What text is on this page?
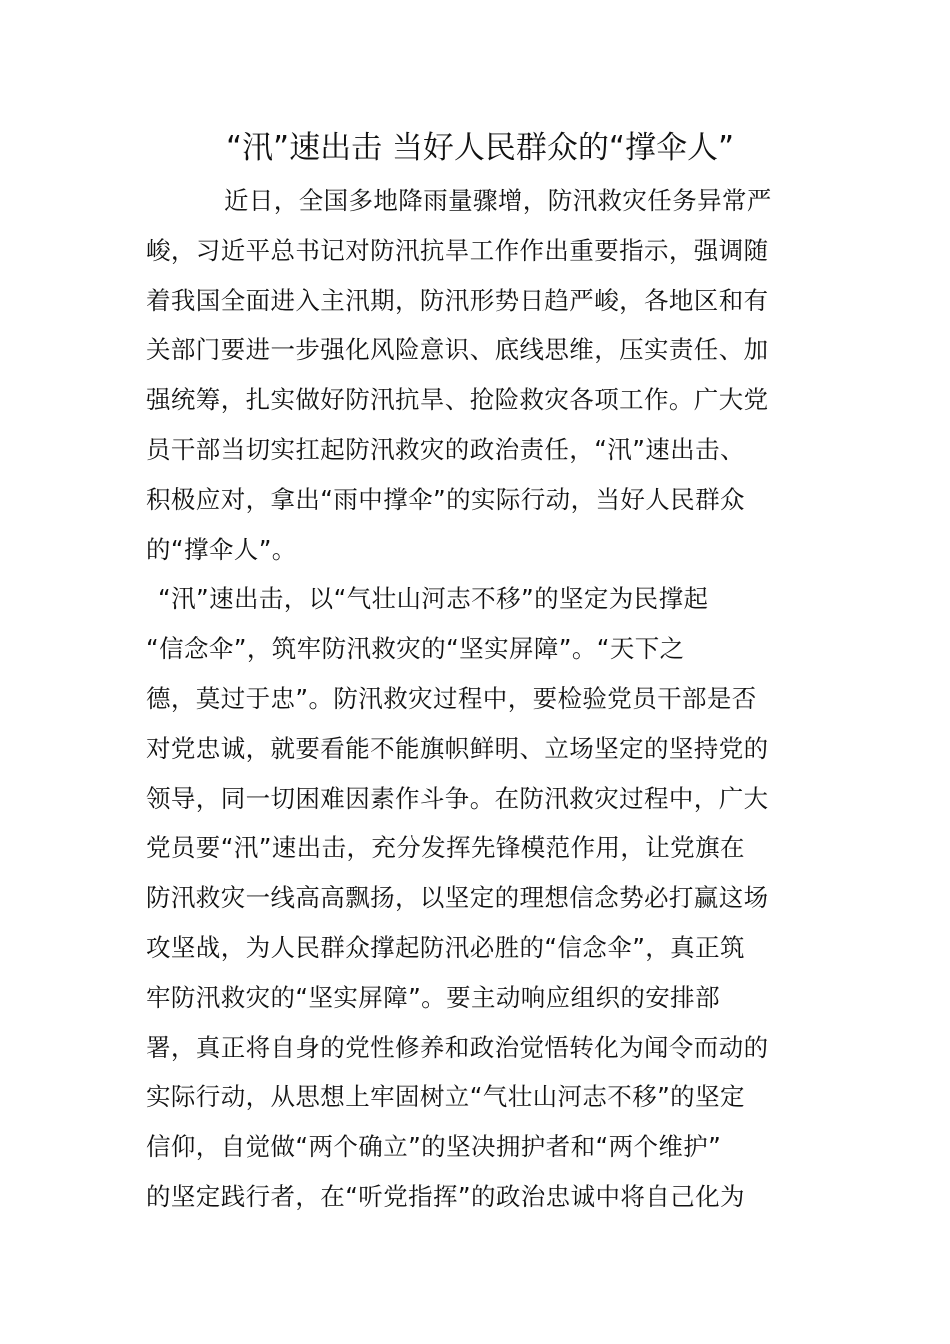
“汛”速出击 当好人民群众的“撑伞人”
近日，全国多地降雨量骤增，防汛救灾任务异常严
峻，习近平总书记对防汛抗旱工作作出重要指示，强调随
着我国全面进入主汛期，防汛形势日趋严峻，各地区和有
关部门要进一步强化风险意识、底线思维，压实责任、加
强统筹，扎实做好防汛抗旱、抢险救灾各项工作。广大党
员干部当切实扛起防汛救灾的政治责任，“汛”速出击、
积极应对，拿出“雨中撑伞”的实际行动，当好人民群众
的“撑伞人”。
“汛”速出击，以“气壮山河志不移”的坚定为民撑起
“信念伞”，筑牢防汛救灾的“坚实屏障”。“天下之
德，莫过于忠”。防汛救灾过程中，要检验党员干部是否
对党忠诚，就要看能不能旗帜鲜明、立场坚定的坚持党的
领导，同一切困难因素作斗争。在防汛救灾过程中，广大
党员要“汛”速出击，充分发挥先锋模范作用，让党旗在
防汛救灾一线高高飘扬，以坚定的理想信念势必打赢这场
攻坚战，为人民群众撑起防汛必胜的“信念伞”，真正筑
牢防汛救灾的“坚实屏障”。要主动响应组织的安排部
署，真正将自身的党性修养和政治觉悟转化为闻令而动的
实际行动，从思想上牢固树立“气壮山河志不移”的坚定
信仰，自觉做“两个确立”的坚决拥护者和“两个维护”
的坚定践行者，在“听党指挥”的政治忠诚中将自己化为
